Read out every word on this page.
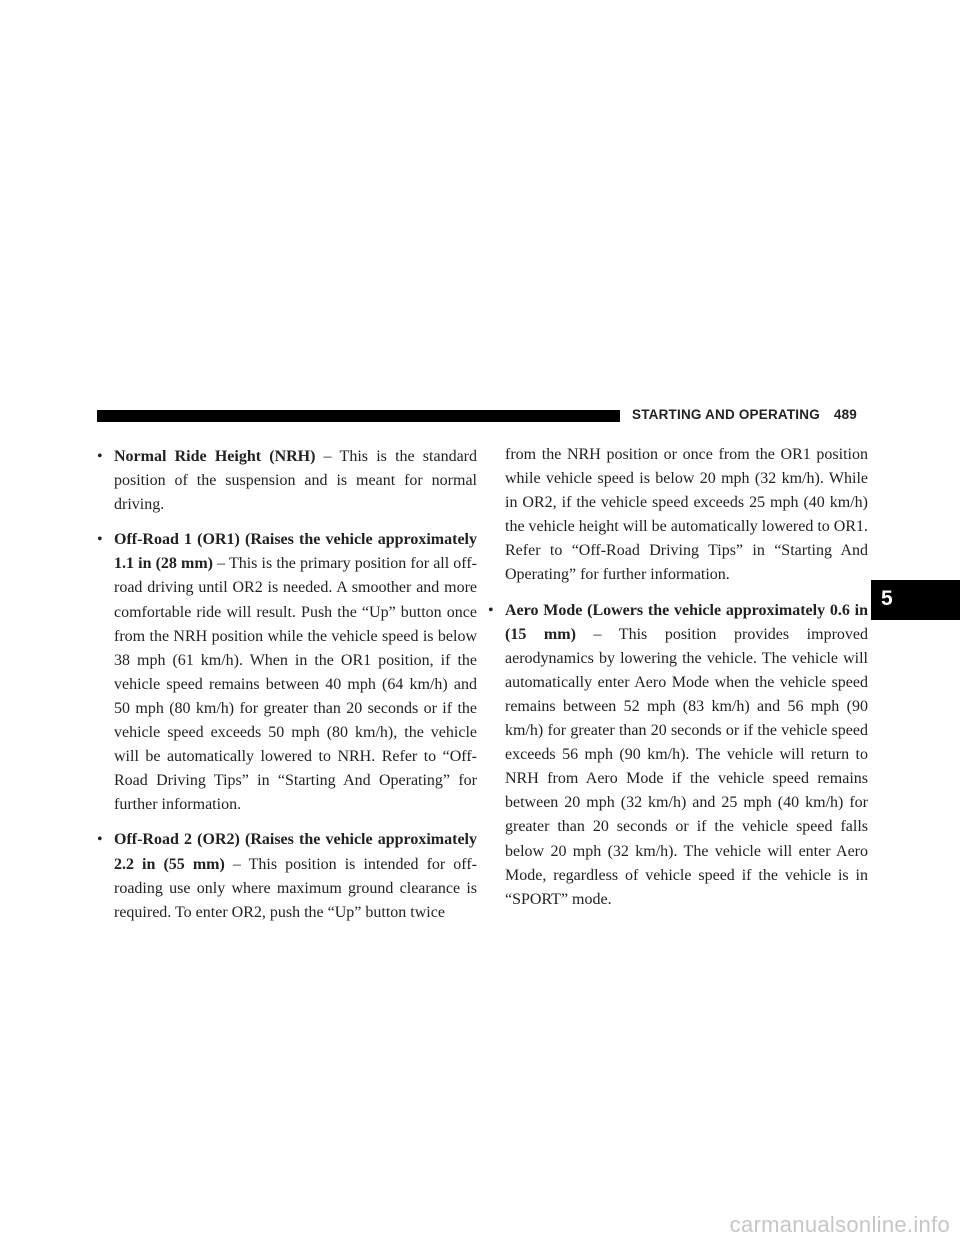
STARTING AND OPERATING 489
• Normal Ride Height (NRH) – This is the standard position of the suspension and is meant for normal driving.
• Off-Road 1 (OR1) (Raises the vehicle approximately 1.1 in (28 mm) – This is the primary position for all off-road driving until OR2 is needed. A smoother and more comfortable ride will result. Push the “Up” button once from the NRH position while the vehicle speed is below 38 mph (61 km/h). When in the OR1 position, if the vehicle speed remains between 40 mph (64 km/h) and 50 mph (80 km/h) for greater than 20 seconds or if the vehicle speed exceeds 50 mph (80 km/h), the vehicle will be automatically lowered to NRH. Refer to “Off-Road Driving Tips” in “Starting And Operating” for further information.
• Off-Road 2 (OR2) (Raises the vehicle approximately 2.2 in (55 mm) – This position is intended for off-roading use only where maximum ground clearance is required. To enter OR2, push the “Up” button twice
from the NRH position or once from the OR1 position while vehicle speed is below 20 mph (32 km/h). While in OR2, if the vehicle speed exceeds 25 mph (40 km/h) the vehicle height will be automatically lowered to OR1. Refer to “Off-Road Driving Tips” in “Starting And Operating” for further information.
• Aero Mode (Lowers the vehicle approximately 0.6 in (15 mm) – This position provides improved aerodynamics by lowering the vehicle. The vehicle will automatically enter Aero Mode when the vehicle speed remains between 52 mph (83 km/h) and 56 mph (90 km/h) for greater than 20 seconds or if the vehicle speed exceeds 56 mph (90 km/h). The vehicle will return to NRH from Aero Mode if the vehicle speed remains between 20 mph (32 km/h) and 25 mph (40 km/h) for greater than 20 seconds or if the vehicle speed falls below 20 mph (32 km/h). The vehicle will enter Aero Mode, regardless of vehicle speed if the vehicle is in “SPORT” mode.
5
carmanualsonline.info
